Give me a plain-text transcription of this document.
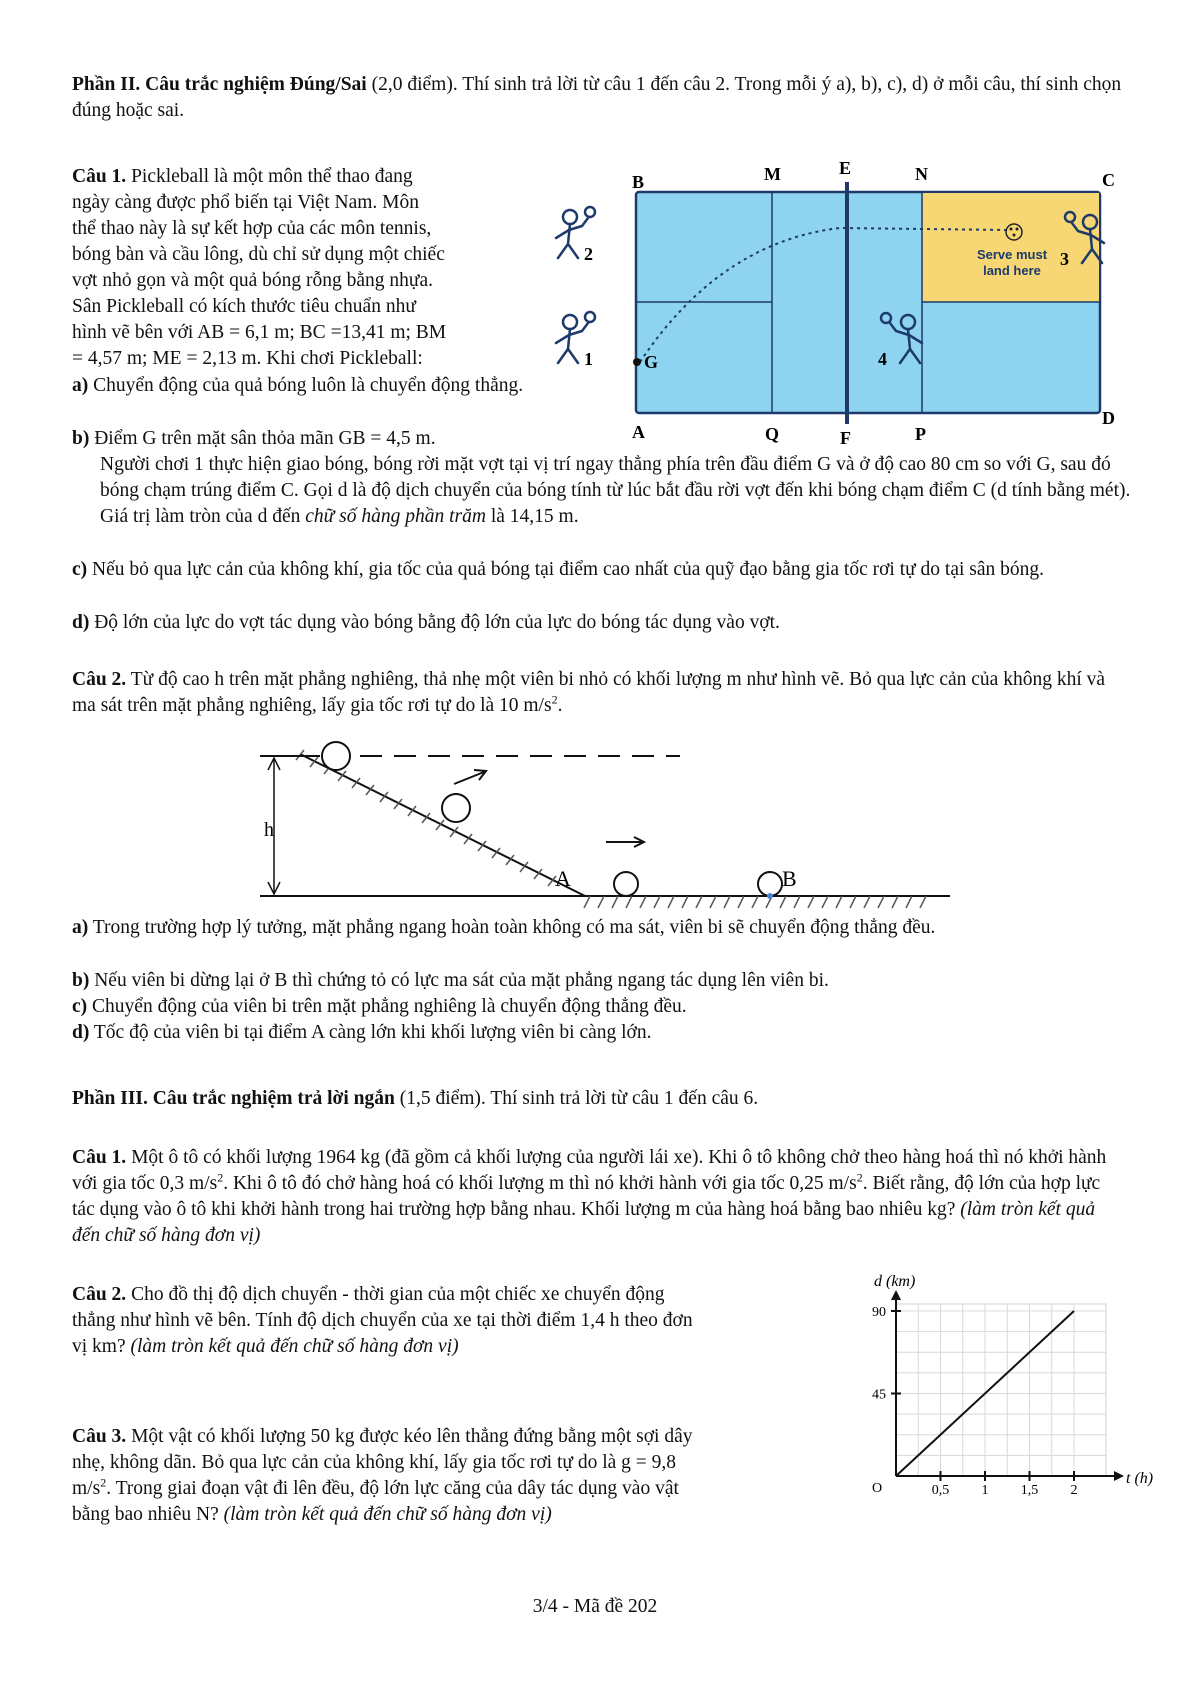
Phần II. Câu trắc nghiệm Đúng/Sai (2,0 điểm). Thí sinh trả lời từ câu 1 đến câu 2. Trong mỗi ý a), b), c), d) ở mỗi câu, thí sinh chọn đúng hoặc sai.
Câu 1. Pickleball là một môn thể thao đang
ngày càng được phổ biến tại Việt Nam. Môn
thể thao này là sự kết hợp của các môn tennis,
bóng bàn và cầu lông, dù chỉ sử dụng một chiếc
vợt nhỏ gọn và một quả bóng rỗng bằng nhựa.
Sân Pickleball có kích thước tiêu chuẩn như
hình vẽ bên với AB = 6,1 m; BC =13,41 m; BM
= 4,57 m; ME = 2,13 m. Khi chơi Pickleball:
Serve must
land here
B	M	E	N	C
A	Q	F	P
D
G
2
1
3
4
a) Chuyển động của quả bóng luôn là chuyển động thẳng.
b) Điểm G trên mặt sân thỏa mãn GB = 4,5 m.
Người chơi 1 thực hiện giao bóng, bóng rời mặt vợt tại vị trí ngay thẳng phía trên đầu điểm G và ở độ cao 80 cm so với G, sau đó bóng chạm trúng điểm C. Gọi d là độ dịch chuyển của bóng tính từ lúc bắt đầu rời vợt đến khi bóng chạm điểm C (d tính bằng mét). Giá trị làm tròn của d đến chữ số hàng phần trăm là 14,15 m.
c) Nếu bỏ qua lực cản của không khí, gia tốc của quả bóng tại điểm cao nhất của quỹ đạo bằng gia tốc rơi tự do tại sân bóng.
d) Độ lớn của lực do vợt tác dụng vào bóng bằng độ lớn của lực do bóng tác dụng vào vợt.
Câu 2. Từ độ cao h trên mặt phẳng nghiêng, thả nhẹ một viên bi nhỏ có khối lượng m như hình vẽ. Bỏ qua lực cản của không khí và ma sát trên mặt phẳng nghiêng, lấy gia tốc rơi tự do là 10 $m/s^2$.
h
A	B
a) Trong trường hợp lý tưởng, mặt phẳng ngang hoàn toàn không có ma sát, viên bi sẽ chuyển động thẳng đều.
b) Nếu viên bi dừng lại ở B thì chứng tỏ có lực ma sát của mặt phẳng ngang tác dụng lên viên bi.
c) Chuyển động của viên bi trên mặt phẳng nghiêng là chuyển động thẳng đều.
d) Tốc độ của viên bi tại điểm A càng lớn khi khối lượng viên bi càng lớn.
Phần III. Câu trắc nghiệm trả lời ngắn (1,5 điểm). Thí sinh trả lời từ câu 1 đến câu 6.
Câu 1. Một ô tô có khối lượng 1964 kg (đã gồm cả khối lượng của người lái xe). Khi ô tô không chở theo hàng hoá thì nó khởi hành với gia tốc 0,3 $m/s^2$. Khi ô tô đó chở hàng hoá có khối lượng m thì nó khởi hành với gia tốc 0,25 $m/s^2$. Biết rằng, độ lớn của hợp lực tác dụng vào ô tô khi khởi hành trong hai trường hợp bằng nhau. Khối lượng m của hàng hoá bằng bao nhiêu kg? (làm tròn kết quả đến chữ số hàng đơn vị)
Câu 2. Cho đồ thị độ dịch chuyển - thời gian của một chiếc xe chuyển động
thẳng như hình vẽ bên. Tính độ dịch chuyển của xe tại thời điểm 1,4 h theo đơn
vị km? (làm tròn kết quả đến chữ số hàng đơn vị)
Câu 3. Một vật có khối lượng 50 kg được kéo lên thẳng đứng bằng một sợi dây
nhẹ, không dãn. Bỏ qua lực cản của không khí, lấy gia tốc rơi tự do là g = 9,8
$m/s^2$. Trong giai đoạn vật đi lên đều, độ lớn lực căng của dây tác dụng vào vật
bằng bao nhiêu N? (làm tròn kết quả đến chữ số hàng đơn vị)
d (km)
t (h)
O	0,5 1 1,5 2
45
90
3/4 - Mã đề 202
